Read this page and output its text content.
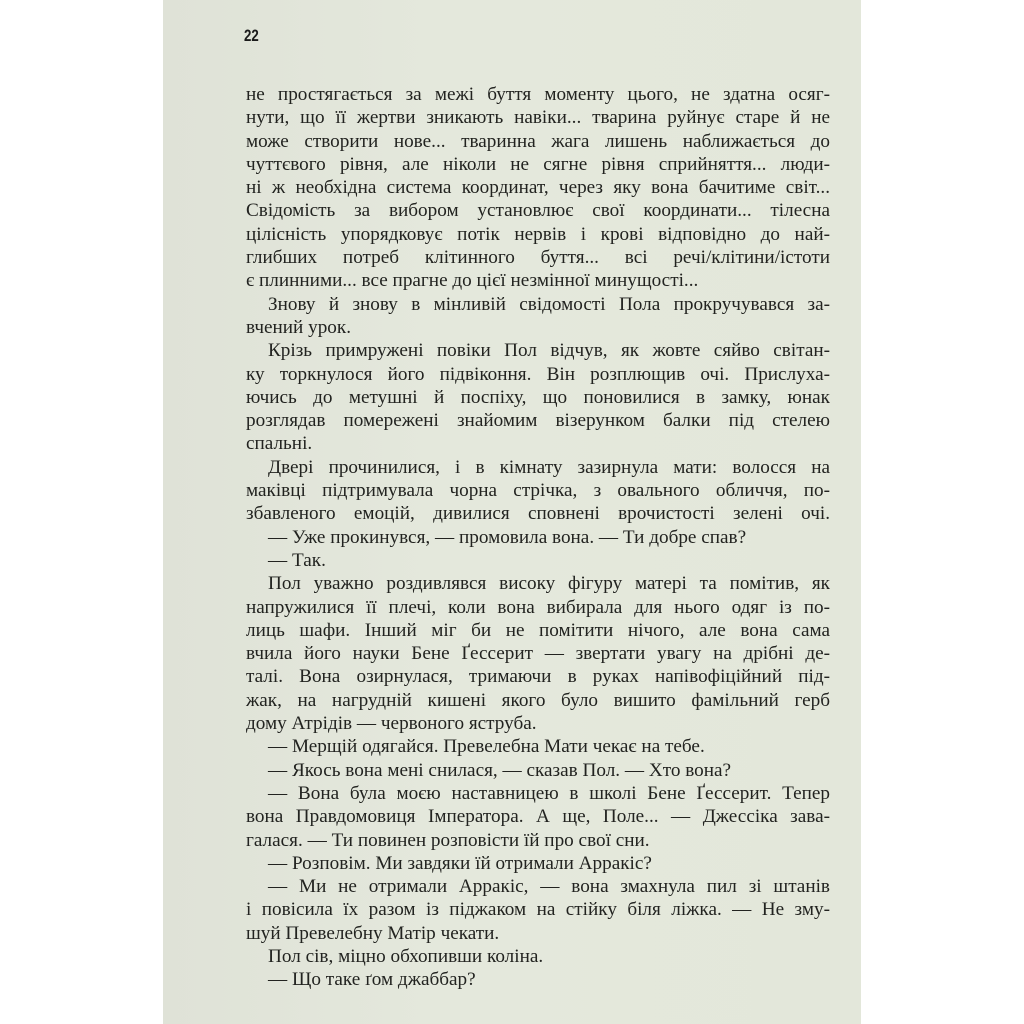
22
не простягається за межі буття моменту цього, не здатна осяг-
нути, що її жертви зникають навіки... тварина руйнує старе й не
може створити нове... тваринна жага лишень наближається до
чуттєвого рівня, але ніколи не сягне рівня сприйняття... люди-
ні ж необхідна система координат, через яку вона бачитиме світ...
Свідомість за вибором установлює свої координати... тілесна
цілісність упорядковує потік нервів і крові відповідно до най-
глибших потреб клітинного буття... всі речі/клітини/істоти
є плинними... все прагне до цієї незмінної минущості...
Знову й знову в мінливій свідомості Пола прокручувався за-
вчений урок.
Крізь примружені повіки Пол відчув, як жовте сяйво світан-
ку торкнулося його підвіконня. Він розплющив очі. Прислуха-
ючись до метушні й поспіху, що поновилися в замку, юнак
розглядав помережені знайомим візерунком балки під стелею
спальні.
Двері прочинилися, і в кімнату зазирнула мати: волосся на
маківці підтримувала чорна стрічка, з овального обличчя, по-
збавленого емоцій, дивилися сповнені врочистості зелені очі.
— Уже прокинувся, — промовила вона. — Ти добре спав?
— Так.
Пол уважно роздивлявся високу фігуру матері та помітив, як
напружилися її плечі, коли вона вибирала для нього одяг із по-
лиць шафи. Інший міг би не помітити нічого, але вона сама
вчила його науки Бене Ґессерит — звертати увагу на дрібні де-
талі. Вона озирнулася, тримаючи в руках напівофіційний під-
жак, на нагрудній кишені якого було вишито фамільний герб
дому Атрідів — червоного яструба.
— Мерщій одягайся. Превелебна Мати чекає на тебе.
— Якось вона мені снилася, — сказав Пол. — Хто вона?
— Вона була моєю наставницею в школі Бене Ґессерит. Тепер
вона Правдомовиця Імператора. А ще, Поле... — Джессіка зава-
галася. — Ти повинен розповісти їй про свої сни.
— Розповім. Ми завдяки їй отримали Арракіс?
— Ми не отримали Арракіс, — вона змахнула пил зі штанів
і повісила їх разом із піджаком на стійку біля ліжка. — Не зму-
шуй Превелебну Матір чекати.
Пол сів, міцно обхопивши коліна.
— Що таке ґом джаббар?
